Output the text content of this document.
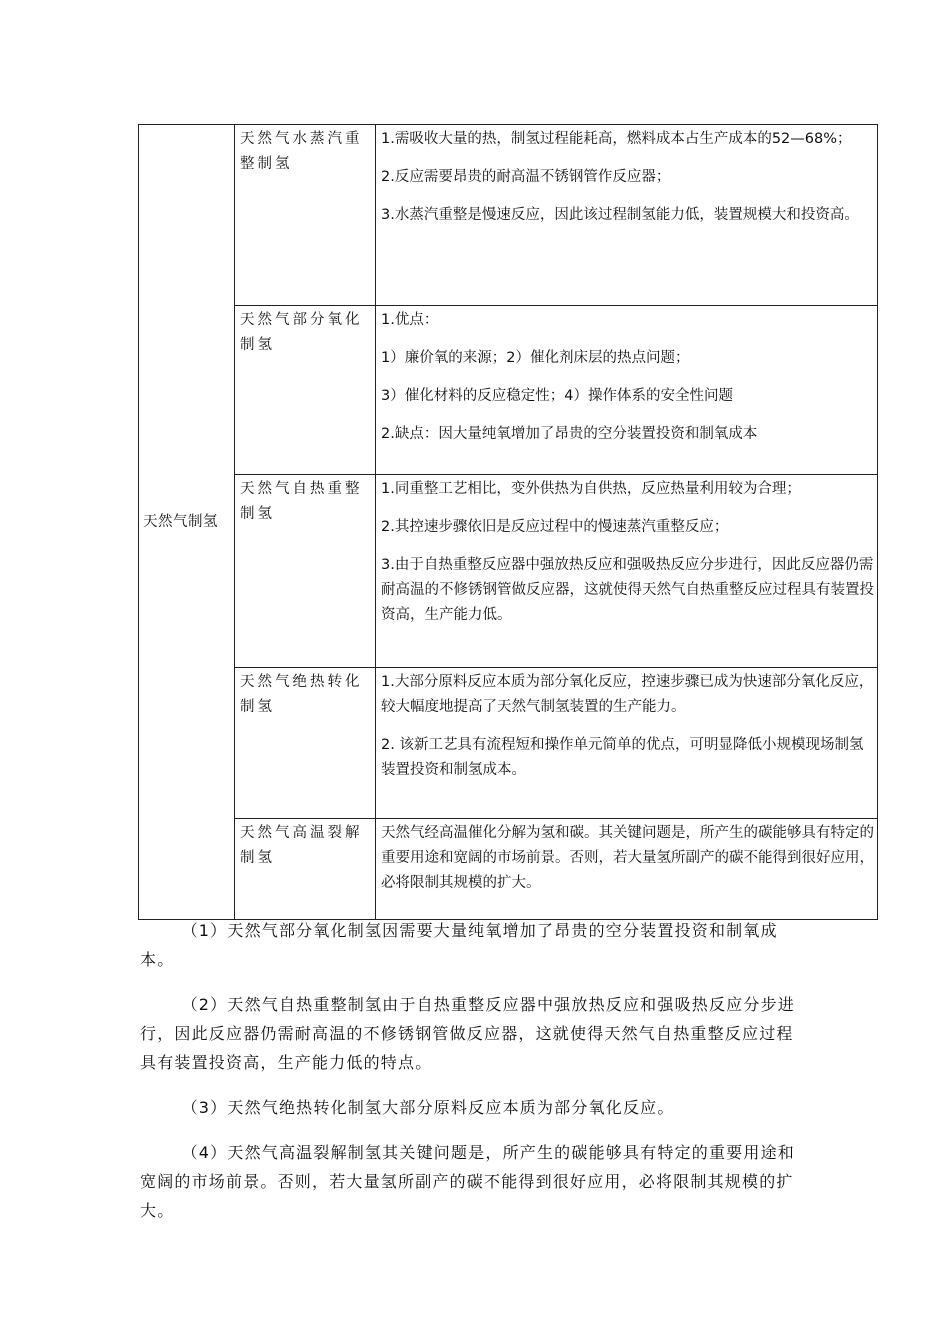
天然气制氢	天然气水蒸汽重整制氢	1.需吸收大量的热，制氢过程能耗高，燃料成本占生产成本的52—68%；

2.反应需要昂贵的耐高温不锈钢管作反应器；

3.水蒸汽重整是慢速反应，因此该过程制氢能力低，装置规模大和投资高。

	天然气部分氧化制氢	1.优点：

1）廉价氧的来源；2）催化剂床层的热点问题；

3）催化材料的反应稳定性；4）操作体系的安全性问题

2.缺点：因大量纯氧增加了昂贵的空分装置投资和制氧成本

	天然气自热重整制氢	1.同重整工艺相比，变外供热为自供热，反应热量利用较为合理；

2.其控速步骤依旧是反应过程中的慢速蒸汽重整反应；

3.由于自热重整反应器中强放热反应和强吸热反应分步进行，因此反应器仍需耐高温的不修锈钢管做反应器，这就使得天然气自热重整反应过程具有装置投资高，生产能力低。

	天然气绝热转化制氢	1.大部分原料反应本质为部分氧化反应，控速步骤已成为快速部分氧化反应，较大幅度地提高了天然气制氢装置的生产能力。

2. 该新工艺具有流程短和操作单元简单的优点，可明显降低小规模现场制氢装置投资和制氢成本。

	天然气高温裂解制氢	天然气经高温催化分解为氢和碳。其关键问题是，所产生的碳能够具有特定的重要用途和宽阔的市场前景。否则，若大量氢所副产的碳不能得到很好应用，必将限制其规模的扩大。

（1）天然气部分氧化制氢因需要大量纯氧增加了昂贵的空分装置投资和制氧成本。

（2）天然气自热重整制氢由于自热重整反应器中强放热反应和强吸热反应分步进行，因此反应器仍需耐高温的不修锈钢管做反应器，这就使得天然气自热重整反应过程具有装置投资高，生产能力低的特点。

（3）天然气绝热转化制氢大部分原料反应本质为部分氧化反应。

（4）天然气高温裂解制氢其关键问题是，所产生的碳能够具有特定的重要用途和宽阔的市场前景。否则，若大量氢所副产的碳不能得到很好应用，必将限制其规模的扩大。
